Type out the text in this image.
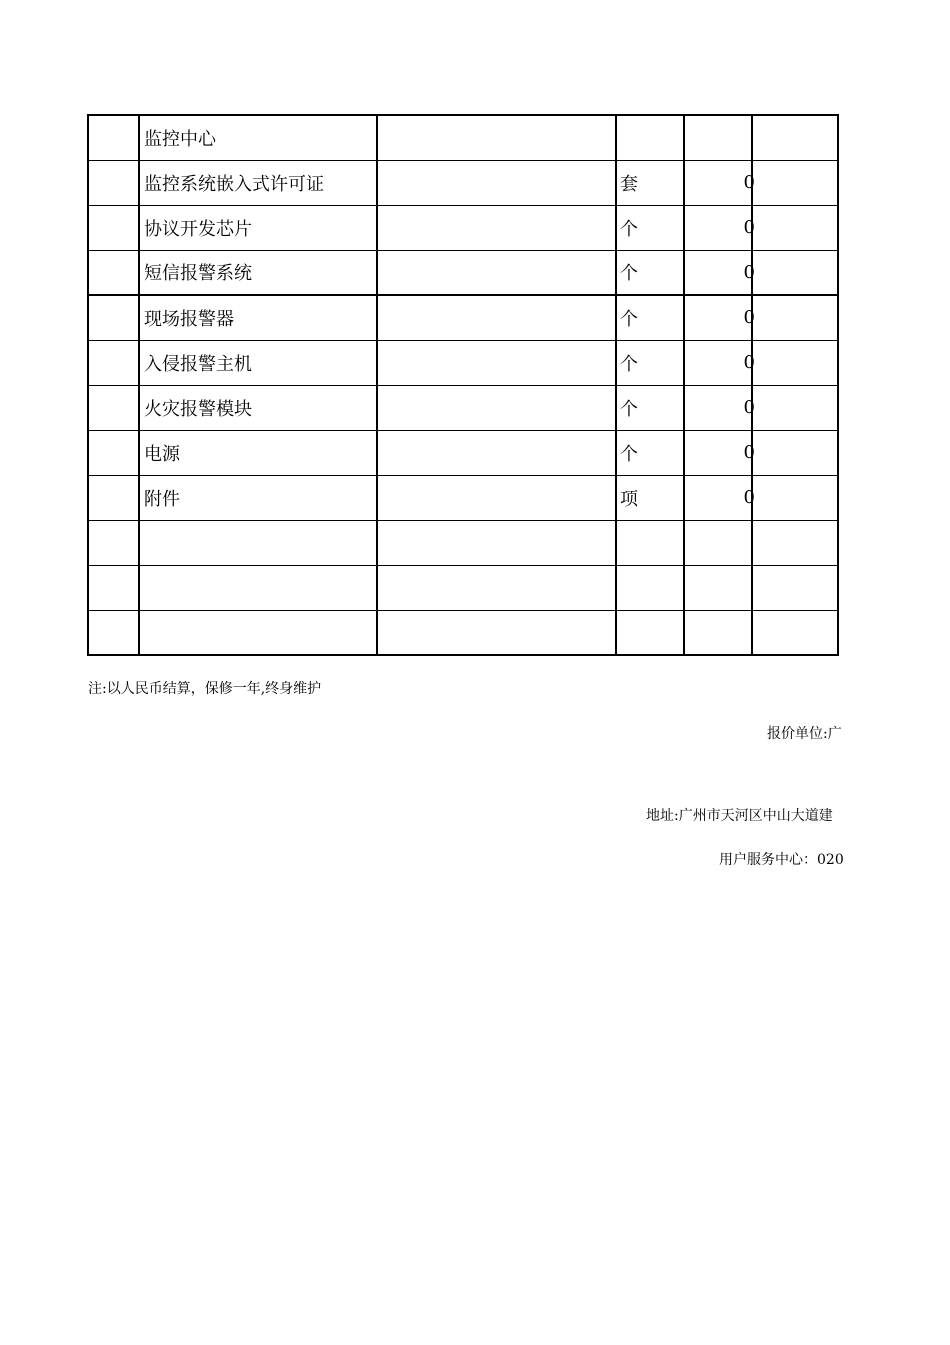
	监控中心				
	监控系统嵌入式许可证		套	0	
	协议开发芯片		个	0	
	短信报警系统		个	0	
	现场报警器		个	0	
	入侵报警主机		个	0	
	火灾报警模块		个	0	
	电源		个	0	
	附件		项	0	

注:以人民币结算，保修一年,终身维护
报价单位:广
地址:广州市天河区中山大道建
用户服务中心：020
